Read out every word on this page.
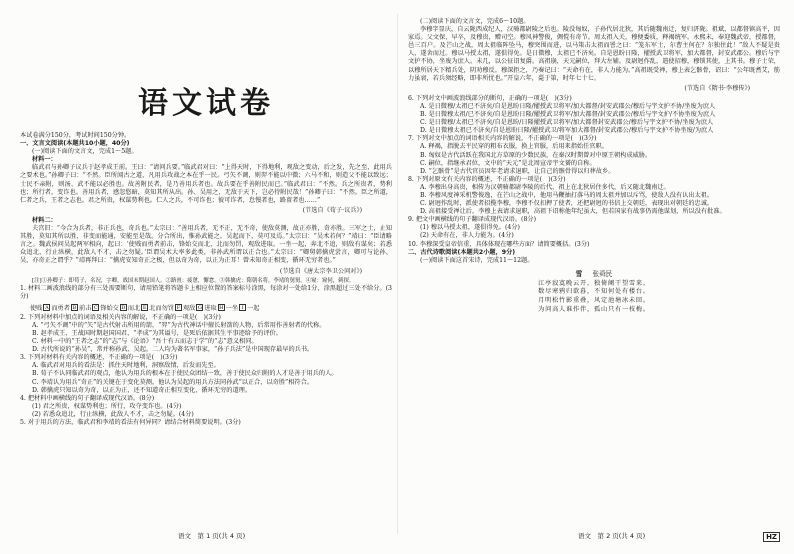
语文试卷

本试卷满分150分，考试时间150分钟。

一、文言文阅读(本题共10小题，40分)

(一)阅读下面的文言文，完成1～5题。

材料一：

临武君与孙卿子议兵于赵孝成王前。王曰：“请问兵要。”临武君对曰：“上得天时，下得地利，观敌之变动，后之发，先之至，此用兵之要术也。”孙卿子曰：“不然。臣所闻古之道，凡用兵攻战之本在乎一民。弓矢不调，则羿不能以中微；六马不和，则造父不能以致远；士民不亲附，则汤、武不能以必胜也。故善附民者，是乃善用兵者也。故兵要在乎善附民而已。”临武君曰：“不然。兵之所贵者，势利也；所行者，变诈也。善用兵者，感忽悠暗，莫知其所从出。孙、吴用之，无敌于天下，岂必待附民哉！”孙卿子曰：“不然。臣之所道，仁者之兵，王者之志也。君之所贵，权谋势利也。仁人之兵，不可诈也；彼可诈者，怠慢者也，路亶者也……”

(节选自《荀子·议兵》)

材料二：

夫宫旧：“今合为兵者，非正兵也，奇兵也。”太宗曰：“善用兵者，无不正，无不奇，使敌莫测，故正亦胜，奇亦胜。三军之士，止知其胜，莫知其所以胜，非变而能通，安能至是哉。分合所出，惟孙武能之。吴起而下，莫可及焉。”太宗曰：“吴术若何？”靖曰：“臣请略言之。魏武侯问吴起两军相向，起曰：‘使贱而勇者前击，锋始交而北，北而勿罚，观敌进取。一坐一起，奔北不追，则敌有谋矣；若悉众追北，行止纵横，此敌人不才，击之勿疑。’臣谓吴术大率多此类，非孙武所谓以正合也。”太宗曰：“卿舅韩擒虎尝言，卿可与论孙、吴，亦奇正之谓乎？”靖再拜曰：“擒虎安知奇正之极，但以奇为奇，以正为正耳！曾未知奇正相变，循环无穷者也。”

(节选自《唐太宗李卫公问对》)

[注]①孙卿子：即荀子，名况，字卿，战国末期赵国人。②路亶：疲惫，懈怠。③韩擒虎：隋朝名将，李靖的舅舅。④窥：窥伺，刺探。

1. 材料二画波浪线的部分有三处需要断句，请用铅笔将答题卡上相应位置的答案标号涂黑，每涂对一处给1分，涂黑超过三处不给分。(3分)

使贱 A 而勇者 B 前击 C 锋始交 D 而北 E 北而勿罚 F 观敌 G 进取 H 一坐 I 一起

2. 下列对材料中加点的词语及相关内容的解说，不正确的一项是(　)(3分)

A. “弓矢不调”中的“矢”是古代射击所用的箭，“羿”为古代神话中擅长射箭的人物，后常用作善射者的代称。

B. 赵孝成王，王战国时期赵国国君，“孝成”为其谥号，是死后依据其生平事迹给予的评价。

C. 材料一中的“王者之志”的“志”与《论语》“吾十有五而志于学”的“志”意义相同。

D. 古代所说的“孙吴”，常并称孙武、吴起，二人均为著名军事家，“孙子兵法”是中国现存最早的兵书。

3. 下列对材料有关内容的概述，不正确的一项是(　)(3分)

A. 临武君对用兵的看法是：抓住天时地利，洞察敌情，后发而先至。

B. 荀子不认同临武君的观点，他认为用兵的根本在于使民众团结一致，善于使民众归附的人才是善于用兵的人。

C. 李靖认为用兵“奇正”的关键在于变化莫测，他认为吴起的用兵方法同孙武“以正合，以奇胜”相符合。

D. 韩擒虎只知以奇为奇，以正为正，还不知道奇正相互变化、循环无穷的道理。

4. 把材料中画横线的句子翻译成现代汉语。(8分)

(1) 君之所贵，权谋势利也；所行，攻夺变诈也。(4分)

(2) 若悉众追北，行止纵横，此敌人不才，击之勿疑。(4分)

5. 对于用兵的方法，临武君和李靖的看法有何异同？请结合材料简要说明。(3分)

(二)阅读下面的文言文，完成6～10题。

李穆字显庆，自云陇西成纪人，汉骑都尉陵之后也。陵没匈奴，子孙代居北狄，其后随魏南迁，复归汧陇。祖斌，以都督镇高平，因家焉。父文保，早卒，及穆贵，赠司空。穆风神警俊，倜傥有奇节。周太祖入关，穆便委质，释褐统军。永熙末，奉迎魏武帝，授都督，邑三百户。及芒山之战，周太祖临阵坠马，穆突围而进，以马策击太祖而詈之曰：“笼东军士，尔曹主何在？尔独住此！”敌人不疑是贵人，遂舍而过。穆以马授太祖，遂俱得免。是日微穆，太祖已不济矣。自是恩盼日隆，擢授武卫将军，加大都督，封安武郡公。穆后与宇文护不协，坐废为庶人。未几，以公征诏复爵。高祖崩，天元嗣位，拜大左辅。及尉迥作乱，遣使招穆，穆锁其使，上其书。穆子士荣，以穆所居天下精兵处，阴劝穆反。穆深拒之，乃奏记曰：“天命有在，非人力能为。”高祖既受禅，穆上表乞骸骨，诏曰：“公年既耆艾，筋力虽衰，若兵须经略，即非所忧也。”开皇六年，薨于第，时年七十七。

(节选自《隋书·李穆传》)

6. 下列对文中画波浪线部分的断句，正确的一项是(　)(3分)

A. 是日微穆/太祖已不济矣/自是恩盼日隆/擢授武卫将军/加大都督/封安武郡公/穆后与宇文护不协/坐废为庶人

B. 是日微穆太祖/已不济矣/自是恩盼日隆/擢授武卫将军/加大都督/封安武郡公/穆后与宇文护/不协坐废为庶人

C. 是日微穆/太祖已不济矣/自是恩盼/日隆擢授武卫将军/加大都督封安武郡公/穆后与宇文护不协/坐废为庶人

D. 是日微穆太祖已不济矣/自是恩盼日隆/擢授武卫/将军加大都督/封安武郡公/穆后与宇文护不协坐废/为庶人

7. 下列对文中加点的词语相关内容的解说，不正确的一项是(　)(3分)

A. 释褐，指脱去平民穿的粗布衣服，换上官服，后用来指始任官职。

B. 匈奴是古代活跃在我国北方草原的少数民族，在秦汉时期曾对中原王朝构成威胁。

C. 嗣位，指继承君位，文中的“天元”是北周宣帝宇文赟的自称。

D. “乞骸骨”是古代官员因年老请求退职，让自己的骸骨得以归葬故乡。

8. 下列对原文有关内容的概述，不正确的一项是(　)(3分)

A. 李穆出身高贵，相传为汉朝骑都尉李陵的后代，祖上在北狄居住多代，后又随北魏南迁。

B. 李穆风度神采机警俊逸，在芒山之战中，他用马鞭抽打落马的周太祖并加以斥骂，使敌人没有认出太祖。

C. 尉迥作乱时，派使者招揽李穆，李穆不仅扣押了使者，还把尉迥的书信上交朝廷，表现出对朝廷的忠诚。

D. 高祖接受禅让后，李穆上表请求退职，高祖下诏称他年纪虽大，但若国家有战事仍需他谋划，所以没有批准。

9. 把文中画横线的句子翻译成现代汉语。(8分)

(1) 穆以马授太祖，遂俱得免。(4分)

(2) 天命有在，非人力能为。(4分)

10. 李穆深受皇帝信重，具体体现在哪些方面？请简要概括。(3分)

二、古代诗歌阅读(本题共2小题，9分)

(一)阅读下面这首宋诗，完成11～12题。

雪 张舜民
江亭寂寞晚云开，独倚阑干望雪来。
数尽寒鸦归欲暮，不知何处有楼台。
月明松竹影重叠，风定池塘冰未回。
为问高人谁作伴，孤山只有一枝梅。
语文　第 1 页(共 4 页)	语文　第 2 页(共 4 页)	HZ
